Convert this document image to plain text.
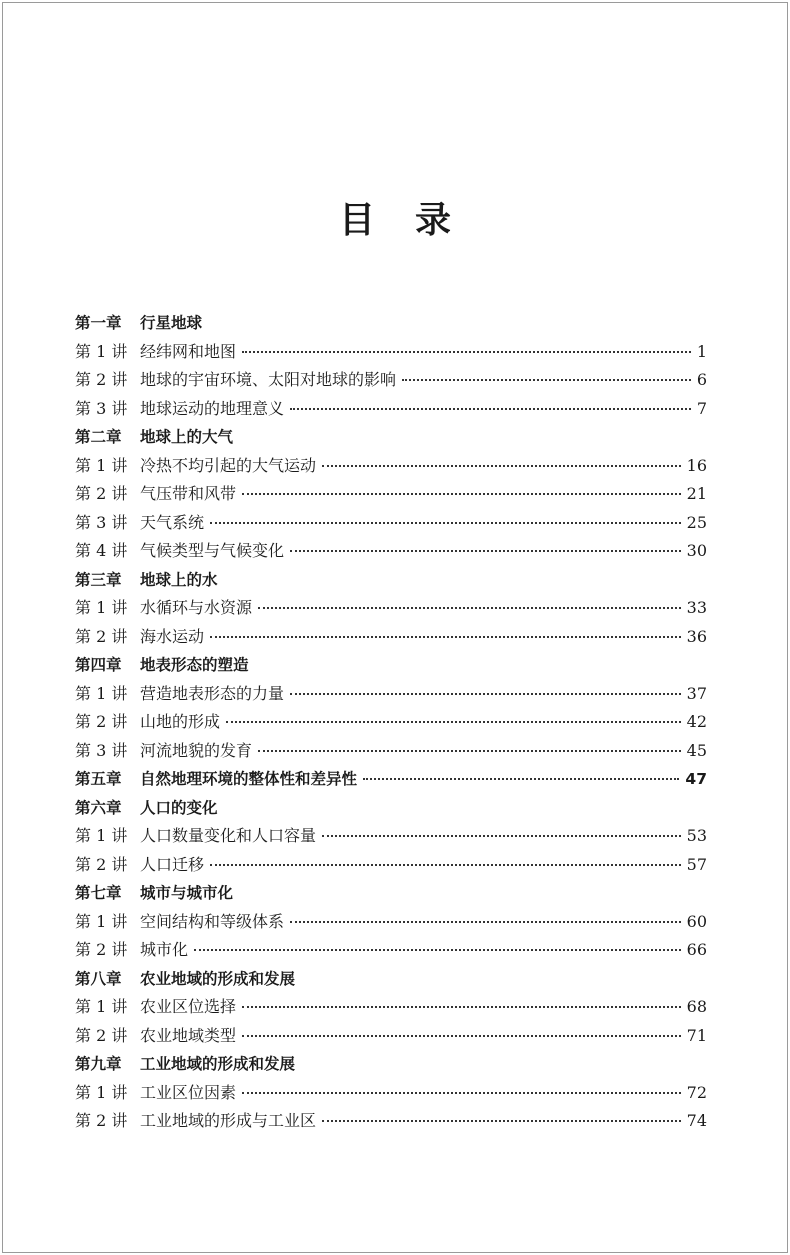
目录
第一章	行星地球
第 1 讲 经纬网和地图	1
第 2 讲 地球的宇宙环境、太阳对地球的影响	6
第 3 讲 地球运动的地理意义	7
第二章	地球上的大气
第 1 讲 冷热不均引起的大气运动	16
第 2 讲 气压带和风带	21
第 3 讲 天气系统	25
第 4 讲 气候类型与气候变化	30
第三章	地球上的水
第 1 讲 水循环与水资源	33
第 2 讲 海水运动	36
第四章	地表形态的塑造
第 1 讲 营造地表形态的力量	37
第 2 讲 山地的形成	42
第 3 讲 河流地貌的发育	45
第五章	自然地理环境的整体性和差异性	47
第六章	人口的变化
第 1 讲 人口数量变化和人口容量	53
第 2 讲 人口迁移	57
第七章	城市与城市化
第 1 讲 空间结构和等级体系	60
第 2 讲 城市化	66
第八章	农业地域的形成和发展
第 1 讲 农业区位选择	68
第 2 讲 农业地域类型	71
第九章	工业地域的形成和发展
第 1 讲 工业区位因素	72
第 2 讲 工业地域的形成与工业区	74
